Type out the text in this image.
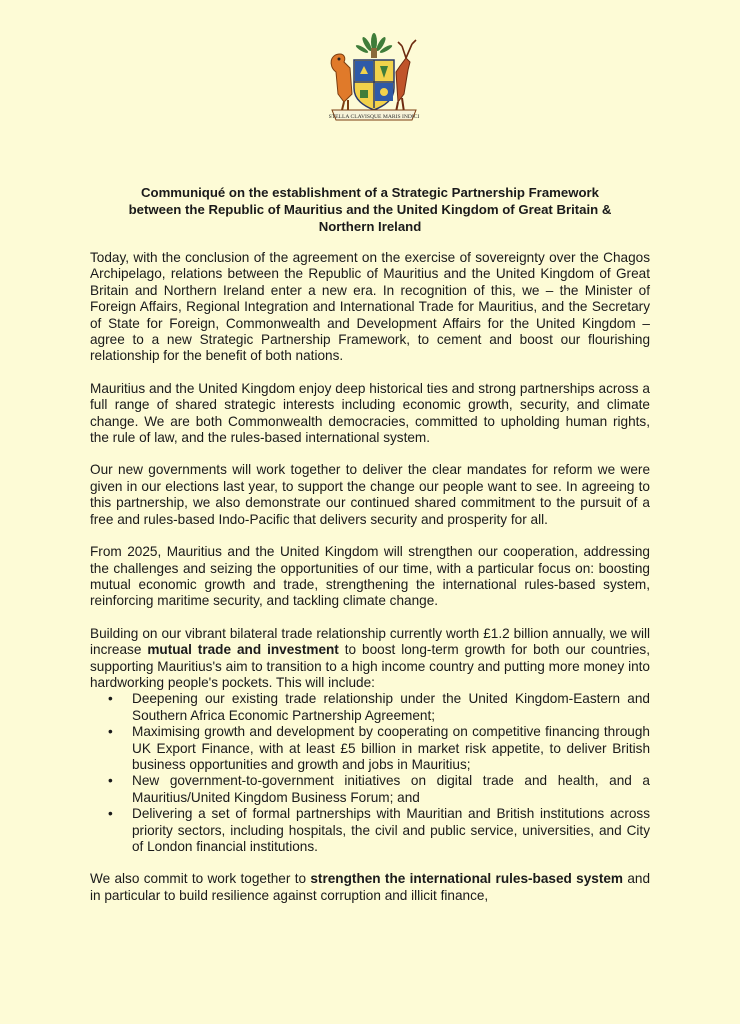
STELLA CLAVISQUE MARIS INDICI
Communiqué on the establishment of a Strategic Partnership Framework
between the Republic of Mauritius and the United Kingdom of Great Britain &
Northern Ireland

Today, with the conclusion of the agreement on the exercise of sovereignty over the Chagos Archipelago, relations between the Republic of Mauritius and the United Kingdom of Great Britain and Northern Ireland enter a new era. In recognition of this, we – the Minister of Foreign Affairs, Regional Integration and International Trade for Mauritius, and the Secretary of State for Foreign, Commonwealth and Development Affairs for the United Kingdom – agree to a new Strategic Partnership Framework, to cement and boost our flourishing relationship for the benefit of both nations.

Mauritius and the United Kingdom enjoy deep historical ties and strong partnerships across a full range of shared strategic interests including economic growth, security, and climate change. We are both Commonwealth democracies, committed to upholding human rights, the rule of law, and the rules-based international system.

Our new governments will work together to deliver the clear mandates for reform we were given in our elections last year, to support the change our people want to see. In agreeing to this partnership, we also demonstrate our continued shared commitment to the pursuit of a free and rules-based Indo-Pacific that delivers security and prosperity for all.

From 2025, Mauritius and the United Kingdom will strengthen our cooperation, addressing the challenges and seizing the opportunities of our time, with a particular focus on: boosting mutual economic growth and trade, strengthening the international rules-based system, reinforcing maritime security, and tackling climate change.

Building on our vibrant bilateral trade relationship currently worth £1.2 billion annually, we will increase mutual trade and investment to boost long-term growth for both our countries, supporting Mauritius's aim to transition to a high income country and putting more money into hardworking people's pockets. This will include:

• Deepening our existing trade relationship under the United Kingdom-Eastern and Southern Africa Economic Partnership Agreement;
• Maximising growth and development by cooperating on competitive financing through UK Export Finance, with at least £5 billion in market risk appetite, to deliver British business opportunities and growth and jobs in Mauritius;
• New government-to-government initiatives on digital trade and health, and a Mauritius/United Kingdom Business Forum; and
• Delivering a set of formal partnerships with Mauritian and British institutions across priority sectors, including hospitals, the civil and public service, universities, and City of London financial institutions.

We also commit to work together to strengthen the international rules-based system and in particular to build resilience against corruption and illicit finance,
